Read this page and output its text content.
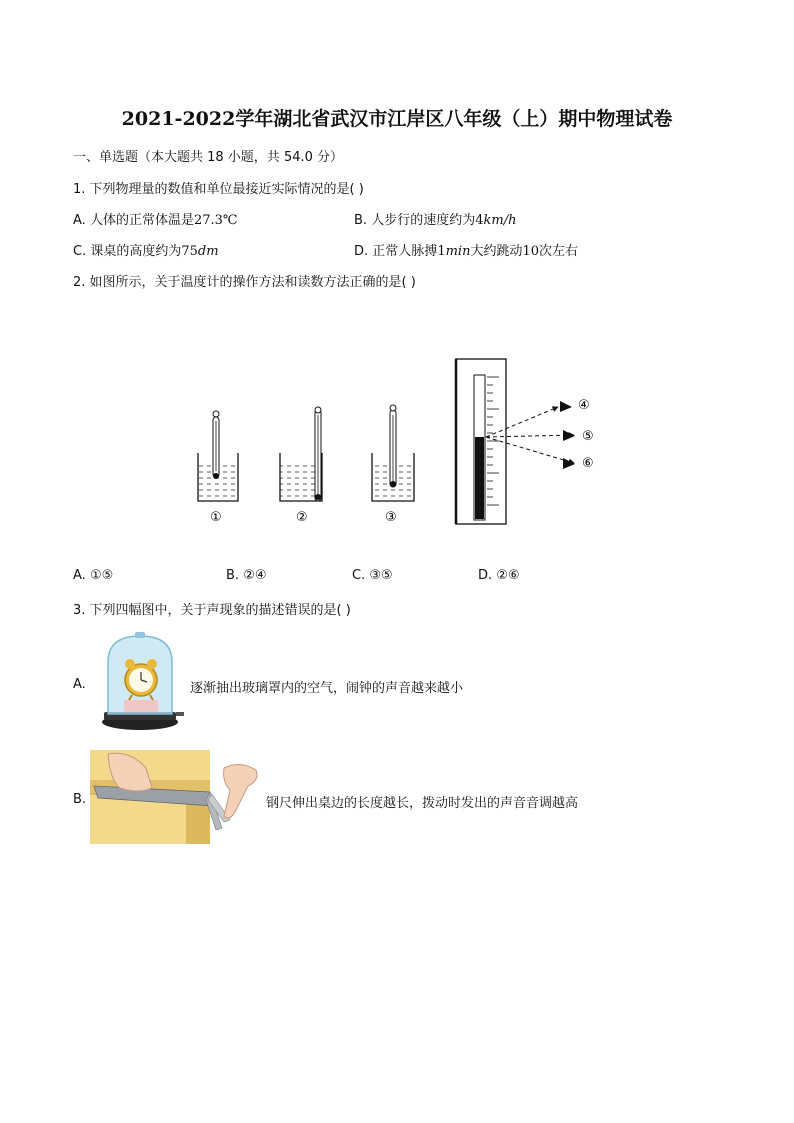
2021-2022学年湖北省武汉市江岸区八年级（上）期中物理试卷
一、单选题（本大题共 18 小题，共 54.0 分）
1. 下列物理量的数值和单位最接近实际情况的是( )
A. 人体的正常体温是27.3℃	B. 人步行的速度约为4km/h
C. 课桌的高度约为75dm	D. 正常人脉搏1min大约跳动10次左右
2. 如图所示，关于温度计的操作方法和读数方法正确的是( )
①	②	③
④
⑤
⑥
A. ①⑤	B. ②④	C. ③⑤	D. ②⑥
3. 下列四幅图中，关于声现象的描述错误的是( )
A.	逐渐抽出玻璃罩内的空气，闹钟的声音越来越小
B.	钢尺伸出桌边的长度越长，拨动时发出的声音音调越高
